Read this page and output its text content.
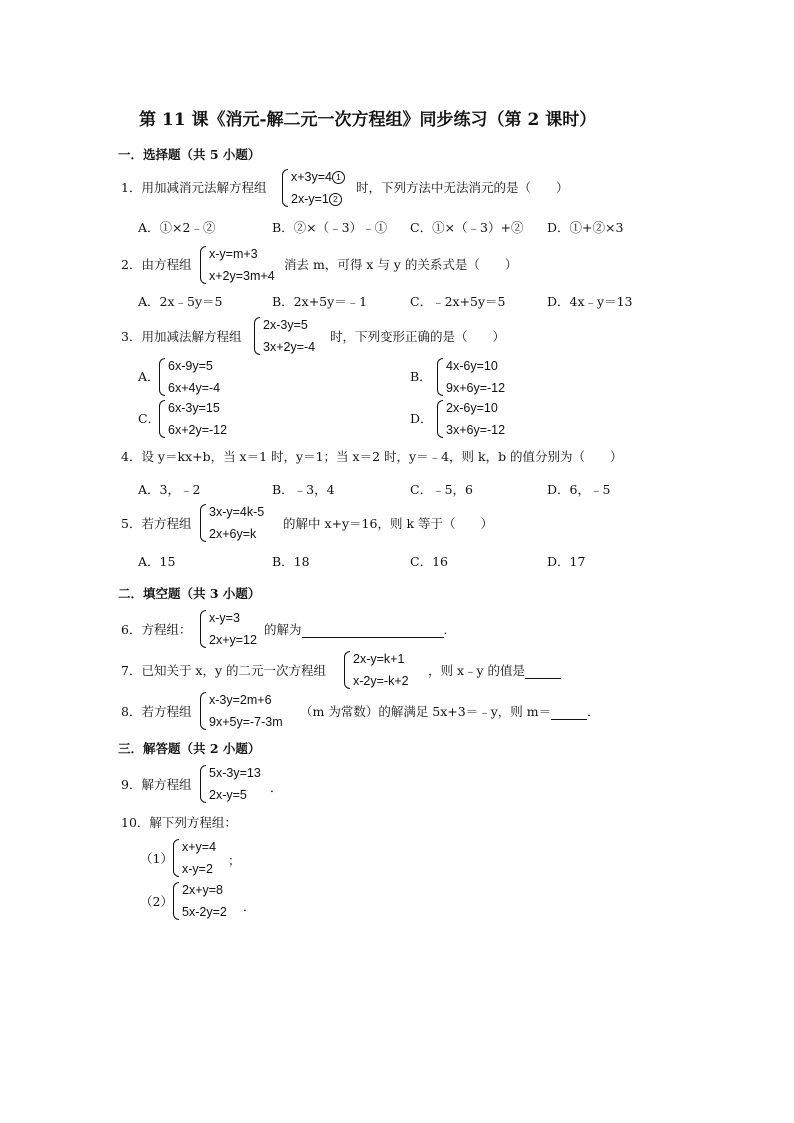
第 11 课《消元-解二元一次方程组》同步练习（第 2 课时）
一．选择题（共 5 小题）
1．用加减消元法解方程组
x+3y=4 1
2x-y=1 2
时，下列方法中无法消元的是（　　）
A．①×2﹣②	B．②×（﹣3）﹣① C．①×（﹣3）+② D．①+②×3
2．由方程组
x-y=m+3
x+2y=3m+4
消去 m，可得 x 与 y 的关系式是（　　）
A．2x﹣5y＝5	B．2x+5y＝﹣1	C．﹣2x+5y＝5	D．4x﹣y＝13
3．用加减法解方程组
2x-3y=5
3x+2y=-4
时，下列变形正确的是（　　）
A．
6x-9y=5
6x+4y=-4
B．
4x-6y=10
9x+6y=-12
C．
6x-3y=15
6x+2y=-12
D．
2x-6y=10
3x+6y=-12
4．设 y＝kx+b，当 x＝1 时，y＝1；当 x＝2 时，y＝﹣4，则 k，b 的值分别为（　　）
A．3，﹣2	B．﹣3，4	C．﹣5，6	D．6，﹣5
5．若方程组
3x-y=4k-5
2x+6y=k
的解中 x+y＝16，则 k 等于（　　）
A．15	B．18	C．16	D．17
二．填空题（共 3 小题）
6．方程组：
x-y=3
2x+y=12
的解为	．
7．已知关于 x，y 的二元一次方程组
2x-y=k+1
x-2y=-k+2
，则 x﹣y 的值是
8．若方程组
x-3y=2m+6
9x+5y=-7-3m
（m 为常数）的解满足 5x+3＝﹣y，则 m＝	．
三．解答题（共 2 小题）
9．解方程组
5x-3y=13
2x-y=5	．
10．解下列方程组：
（1）
x+y=4
x-y=2
；
（2）
2x+y=8
5x-2y=2 ．
